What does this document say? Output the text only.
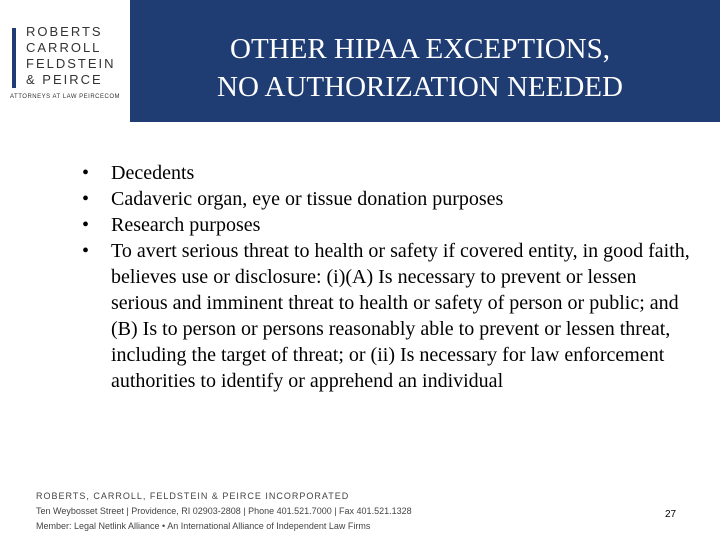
ROBERTS
CARROLL
FELDSTEIN
& PEIRCE
ATTORNEYS AT LAW PEIRCECOM
OTHER HIPAA EXCEPTIONS,
NO AUTHORIZATION NEEDED
• Decedents
• Cadaveric organ, eye or tissue donation purposes
• Research purposes
• To avert serious threat to health or safety if covered entity, in good faith, believes use or disclosure: (i)(A) Is necessary to prevent or lessen serious and imminent threat to health or safety of person or public; and (B) Is to person or persons reasonably able to prevent or lessen threat, including the target of threat; or (ii) Is necessary for law enforcement authorities to identify or apprehend an individual
ROBERTS, CARROLL, FELDSTEIN & PEIRCE INCORPORATED
Ten Weybosset Street | Providence, RI 02903-2808 | Phone 401.521.7000 | Fax 401.521.1328
Member: Legal Netlink Alliance • An International Alliance of Independent Law Firms
27
